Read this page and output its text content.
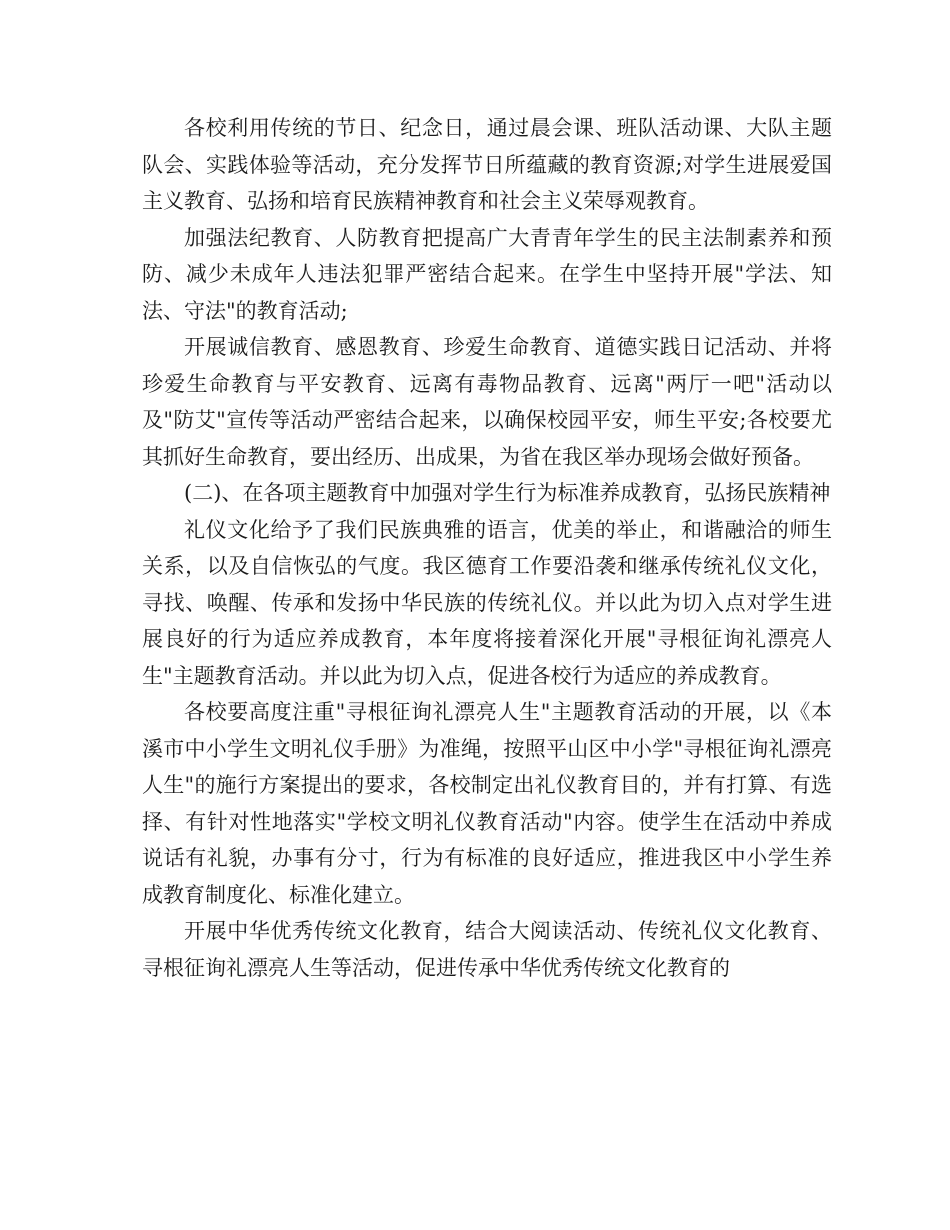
各校利用传统的节日、纪念日，通过晨会课、班队活动课、大队主题队会、实践体验等活动，充分发挥节日所蕴藏的教育资源;对学生进展爱国主义教育、弘扬和培育民族精神教育和社会主义荣辱观教育。

加强法纪教育、人防教育把提高广大青青年学生的民主法制素养和预防、减少未成年人违法犯罪严密结合起来。在学生中坚持开展"学法、知法、守法"的教育活动;

开展诚信教育、感恩教育、珍爱生命教育、道德实践日记活动、并将珍爱生命教育与平安教育、远离有毒物品教育、远离"两厅一吧"活动以及"防艾"宣传等活动严密结合起来，以确保校园平安，师生平安;各校要尤其抓好生命教育，要出经历、出成果，为省在我区举办现场会做好预备。

(二)、在各项主题教育中加强对学生行为标准养成教育，弘扬民族精神

礼仪文化给予了我们民族典雅的语言，优美的举止，和谐融洽的师生关系，以及自信恢弘的气度。我区德育工作要沿袭和继承传统礼仪文化，寻找、唤醒、传承和发扬中华民族的传统礼仪。并以此为切入点对学生进展良好的行为适应养成教育，本年度将接着深化开展"寻根征询礼漂亮人生"主题教育活动。并以此为切入点，促进各校行为适应的养成教育。

各校要高度注重"寻根征询礼漂亮人生"主题教育活动的开展，以《本溪市中小学生文明礼仪手册》为准绳，按照平山区中小学"寻根征询礼漂亮人生"的施行方案提出的要求，各校制定出礼仪教育目的，并有打算、有选择、有针对性地落实"学校文明礼仪教育活动"内容。使学生在活动中养成说话有礼貌，办事有分寸，行为有标准的良好适应，推进我区中小学生养成教育制度化、标准化建立。

开展中华优秀传统文化教育，结合大阅读活动、传统礼仪文化教育、寻根征询礼漂亮人生等活动，促进传承中华优秀传统文化教育的
